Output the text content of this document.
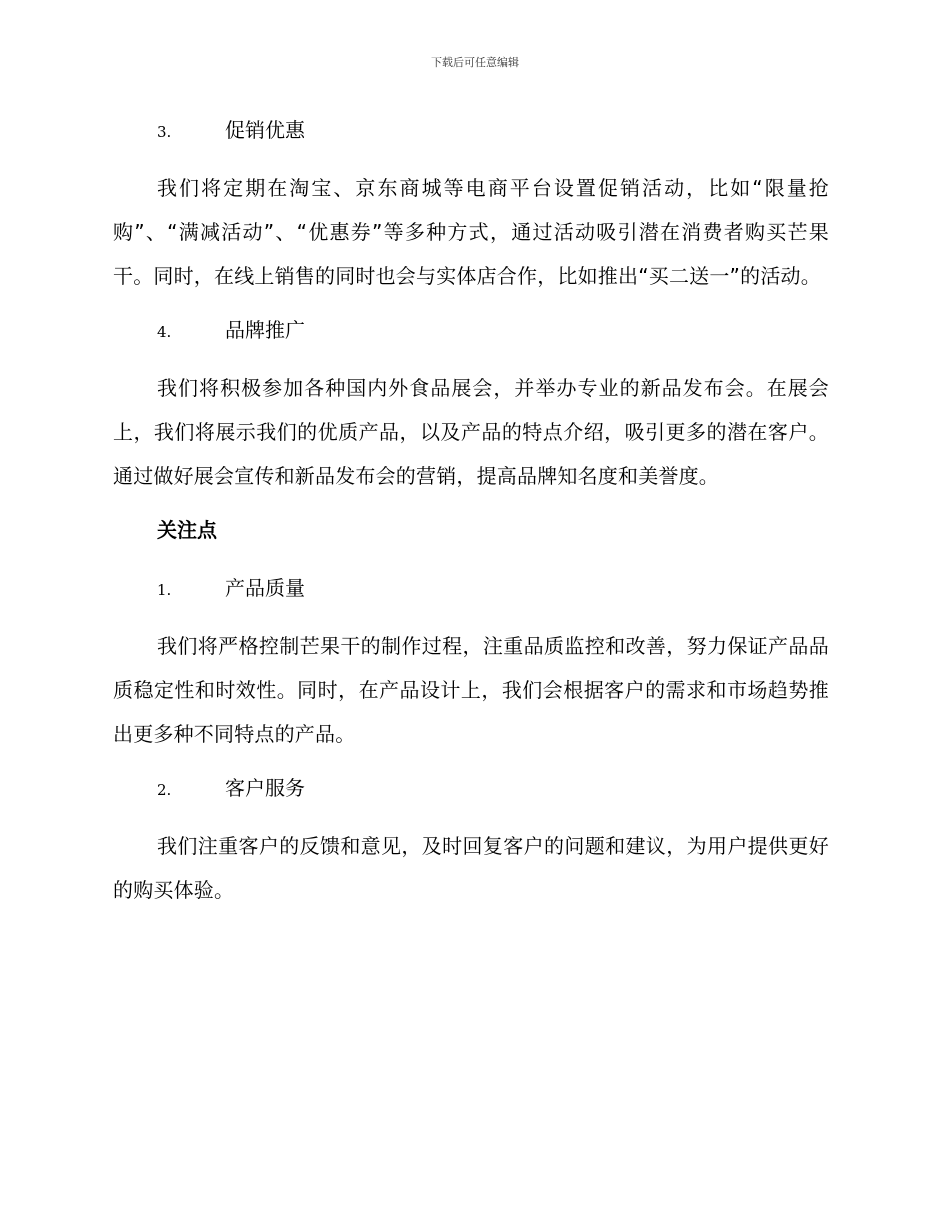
下载后可任意编辑
3.	促销优惠

我们将定期在淘宝、京东商城等电商平台设置促销活动，比如“限量抢购”、“满减活动”、“优惠券”等多种方式，通过活动吸引潜在消费者购买芒果干。同时，在线上销售的同时也会与实体店合作，比如推出“买二送一”的活动。

4.	品牌推广

我们将积极参加各种国内外食品展会，并举办专业的新品发布会。在展会上，我们将展示我们的优质产品，以及产品的特点介绍，吸引更多的潜在客户。通过做好展会宣传和新品发布会的营销，提高品牌知名度和美誉度。

关注点
1.	产品质量

我们将严格控制芒果干的制作过程，注重品质监控和改善，努力保证产品品质稳定性和时效性。同时，在产品设计上，我们会根据客户的需求和市场趋势推出更多种不同特点的产品。

2.	客户服务

我们注重客户的反馈和意见，及时回复客户的问题和建议，为用户提供更好的购买体验。
